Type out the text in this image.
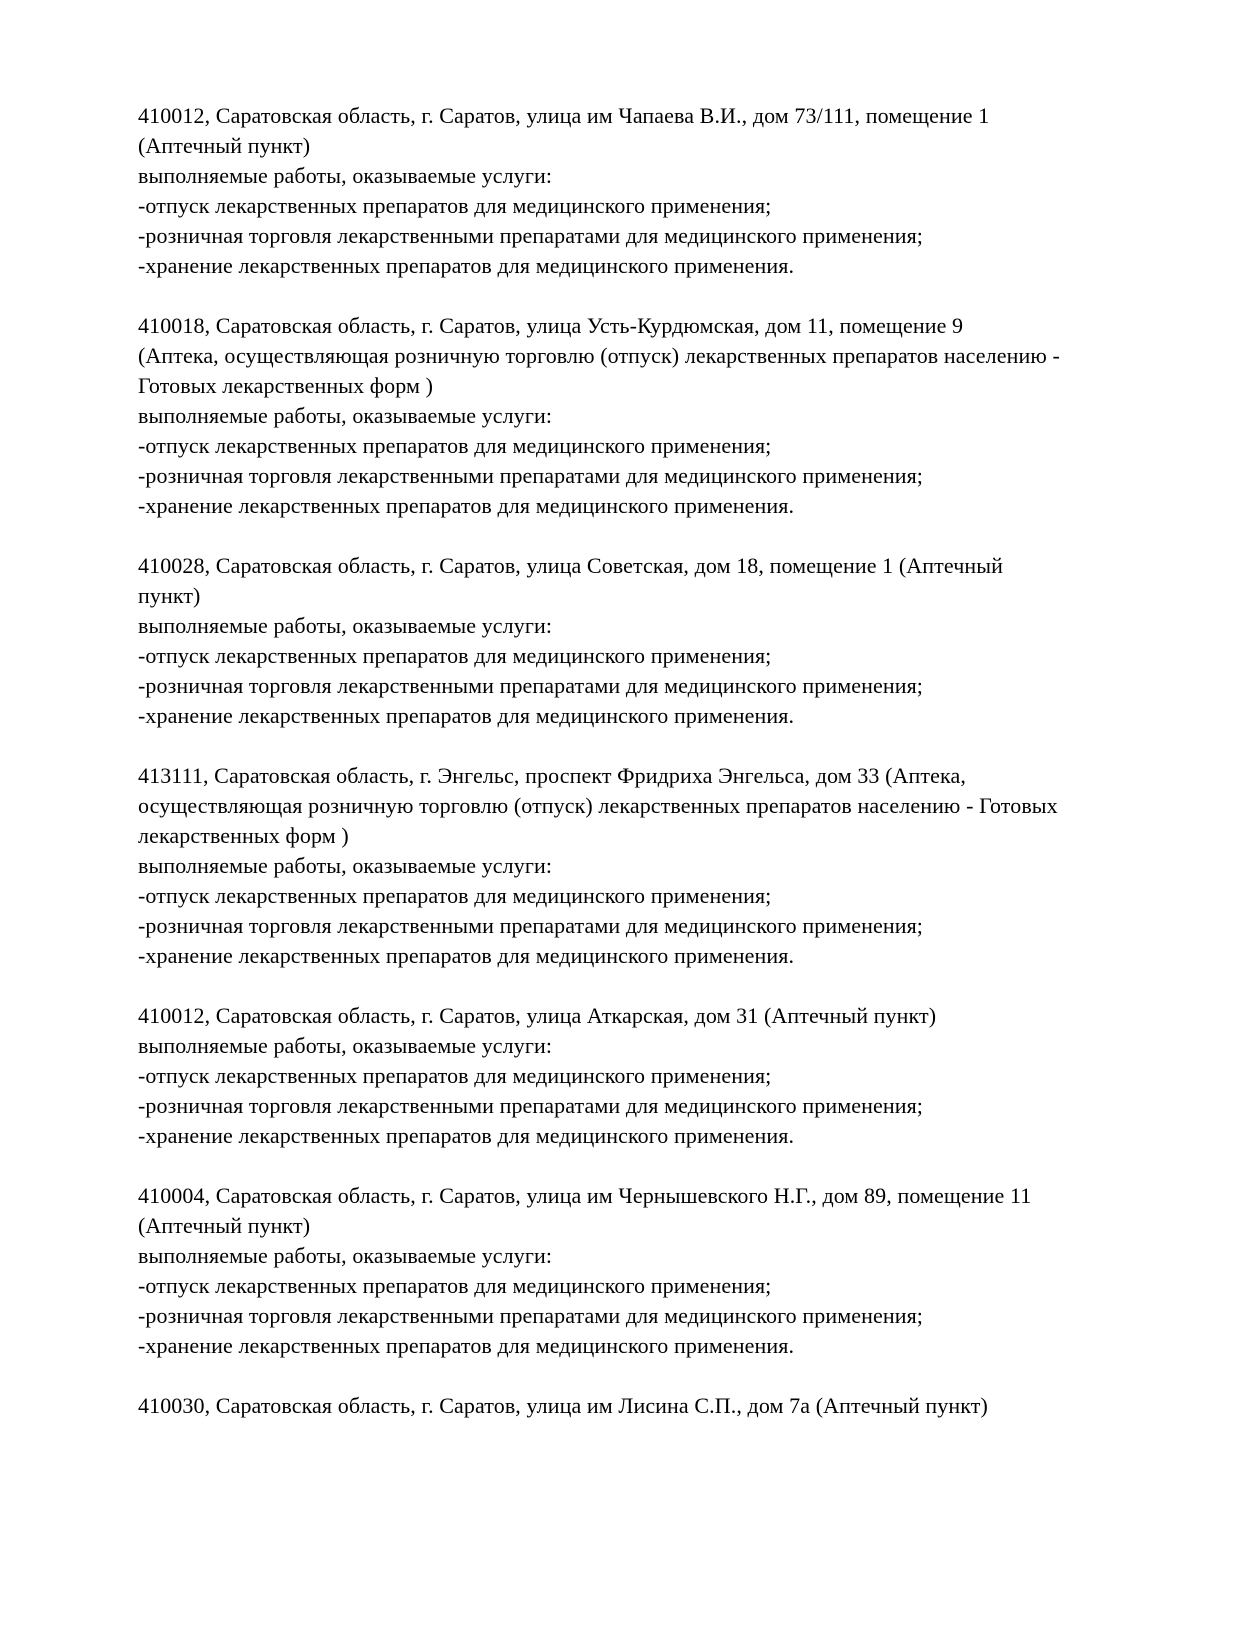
410012, Саратовская область, г. Саратов, улица им Чапаева В.И., дом 73/111, помещение 1
(Аптечный пункт)
выполняемые работы, оказываемые услуги:
-отпуск лекарственных препаратов для медицинского применения;
-розничная торговля лекарственными препаратами для медицинского применения;
-хранение лекарственных препаратов для медицинского применения.
410018, Саратовская область, г. Саратов, улица Усть-Курдюмская, дом 11, помещение 9
(Аптека, осуществляющая розничную торговлю (отпуск) лекарственных препаратов населению -
Готовых лекарственных форм )
выполняемые работы, оказываемые услуги:
-отпуск лекарственных препаратов для медицинского применения;
-розничная торговля лекарственными препаратами для медицинского применения;
-хранение лекарственных препаратов для медицинского применения.
410028, Саратовская область, г. Саратов, улица Советская, дом 18, помещение 1 (Аптечный
пункт)
выполняемые работы, оказываемые услуги:
-отпуск лекарственных препаратов для медицинского применения;
-розничная торговля лекарственными препаратами для медицинского применения;
-хранение лекарственных препаратов для медицинского применения.
413111, Саратовская область, г. Энгельс, проспект Фридриха Энгельса, дом 33 (Аптека,
осуществляющая розничную торговлю (отпуск) лекарственных препаратов населению - Готовых
лекарственных форм )
выполняемые работы, оказываемые услуги:
-отпуск лекарственных препаратов для медицинского применения;
-розничная торговля лекарственными препаратами для медицинского применения;
-хранение лекарственных препаратов для медицинского применения.
410012, Саратовская область, г. Саратов, улица Аткарская, дом 31 (Аптечный пункт)
выполняемые работы, оказываемые услуги:
-отпуск лекарственных препаратов для медицинского применения;
-розничная торговля лекарственными препаратами для медицинского применения;
-хранение лекарственных препаратов для медицинского применения.
410004, Саратовская область, г. Саратов, улица им Чернышевского Н.Г., дом 89, помещение 11
(Аптечный пункт)
выполняемые работы, оказываемые услуги:
-отпуск лекарственных препаратов для медицинского применения;
-розничная торговля лекарственными препаратами для медицинского применения;
-хранение лекарственных препаратов для медицинского применения.
410030, Саратовская область, г. Саратов, улица им Лисина С.П., дом 7а (Аптечный пункт)
